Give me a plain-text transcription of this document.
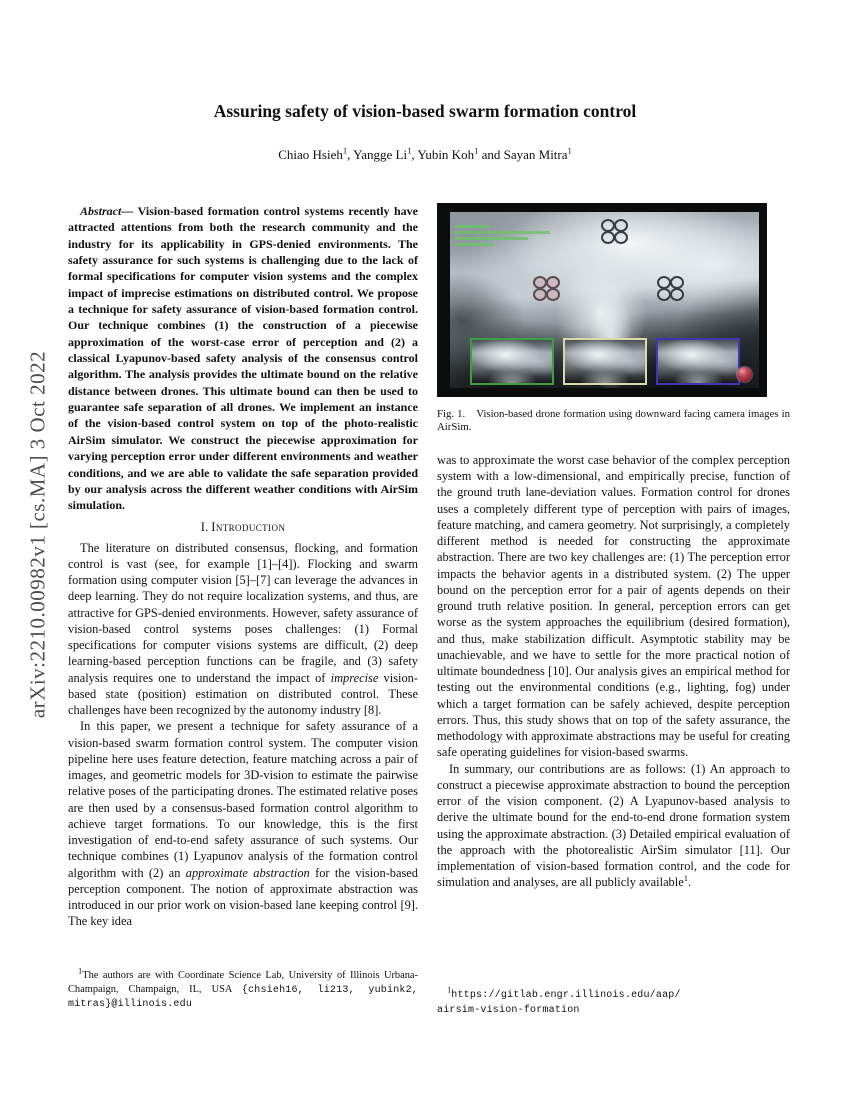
arXiv:2210.00982v1 [cs.MA] 3 Oct 2022
Assuring safety of vision-based swarm formation control
Chiao Hsieh$^1$, Yangge Li$^1$, Yubin Koh$^1$ and Sayan Mitra$^1$

Abstract— Vision-based formation control systems recently have attracted attentions from both the research community and the industry for its applicability in GPS-denied environments. The safety assurance for such systems is challenging due to the lack of formal specifications for computer vision systems and the complex impact of imprecise estimations on distributed control. We propose a technique for safety assurance of vision-based formation control. Our technique combines (1) the construction of a piecewise approximation of the worst-case error of perception and (2) a classical Lyapunov-based safety analysis of the consensus control algorithm. The analysis provides the ultimate bound on the relative distance between drones. This ultimate bound can then be used to guarantee safe separation of all drones. We implement an instance of the vision-based control system on top of the photo-realistic AirSim simulator. We construct the piecewise approximation for varying perception error under different environments and weather conditions, and we are able to validate the safe separation provided by our analysis across the different weather conditions with AirSim simulation.

I. Introduction

The literature on distributed consensus, flocking, and formation control is vast (see, for example [1]–[4]). Flocking and swarm formation using computer vision [5]–[7] can leverage the advances in deep learning. They do not require localization systems, and thus, are attractive for GPS-denied environments. However, safety assurance of vision-based control systems poses challenges: (1) Formal specifications for computer visions systems are difficult, (2) deep learning-based perception functions can be fragile, and (3) safety analysis requires one to understand the impact of imprecise vision-based state (position) estimation on distributed control. These challenges have been recognized by the autonomy industry [8].

In this paper, we present a technique for safety assurance of a vision-based swarm formation control system. The computer vision pipeline here uses feature detection, feature matching across a pair of images, and geometric models for 3D-vision to estimate the pairwise relative poses of the participating drones. The estimated relative poses are then used by a consensus-based formation control algorithm to achieve target formations. To our knowledge, this is the first investigation of end-to-end safety assurance of such systems. Our technique combines (1) Lyapunov analysis of the formation control algorithm with (2) an approximate abstraction for the vision-based perception component. The notion of approximate abstraction was introduced in our prior work on vision-based lane keeping control [9]. The key idea

Fig. 1. Vision-based drone formation using downward facing camera images in AirSim.

was to approximate the worst case behavior of the complex perception system with a low-dimensional, and empirically precise, function of the ground truth lane-deviation values. Formation control for drones uses a completely different type of perception with pairs of images, feature matching, and camera geometry. Not surprisingly, a completely different method is needed for constructing the approximate abstraction. There are two key challenges are: (1) The perception error impacts the behavior agents in a distributed system. (2) The upper bound on the perception error for a pair of agents depends on their ground truth relative position. In general, perception errors can get worse as the system approaches the equilibrium (desired formation), and thus, make stabilization difficult. Asymptotic stability may be unachievable, and we have to settle for the more practical notion of ultimate boundedness [10]. Our analysis gives an empirical method for testing out the environmental conditions (e.g., lighting, fog) under which a target formation can be safely achieved, despite perception errors. Thus, this study shows that on top of the safety assurance, the methodology with approximate abstractions may be useful for creating safe operating guidelines for vision-based swarms.

In summary, our contributions are as follows: (1) An approach to construct a piecewise approximate abstraction to bound the perception error of the vision component. (2) A Lyapunov-based analysis to derive the ultimate bound for the end-to-end drone formation system using the approximate abstraction. (3) Detailed empirical evaluation of the approach with the photorealistic AirSim simulator [11]. Our implementation of vision-based formation control, and the code for simulation and analyses, are all publicly available$^1$.

$^1$The authors are with Coordinate Science Lab, University of Illinois Urbana-Champaign, Champaign, IL, USA {chsieh16, li213, yubink2, mitras}@illinois.edu
$^1$https://gitlab.engr.illinois.edu/aap/
airsim-vision-formation
